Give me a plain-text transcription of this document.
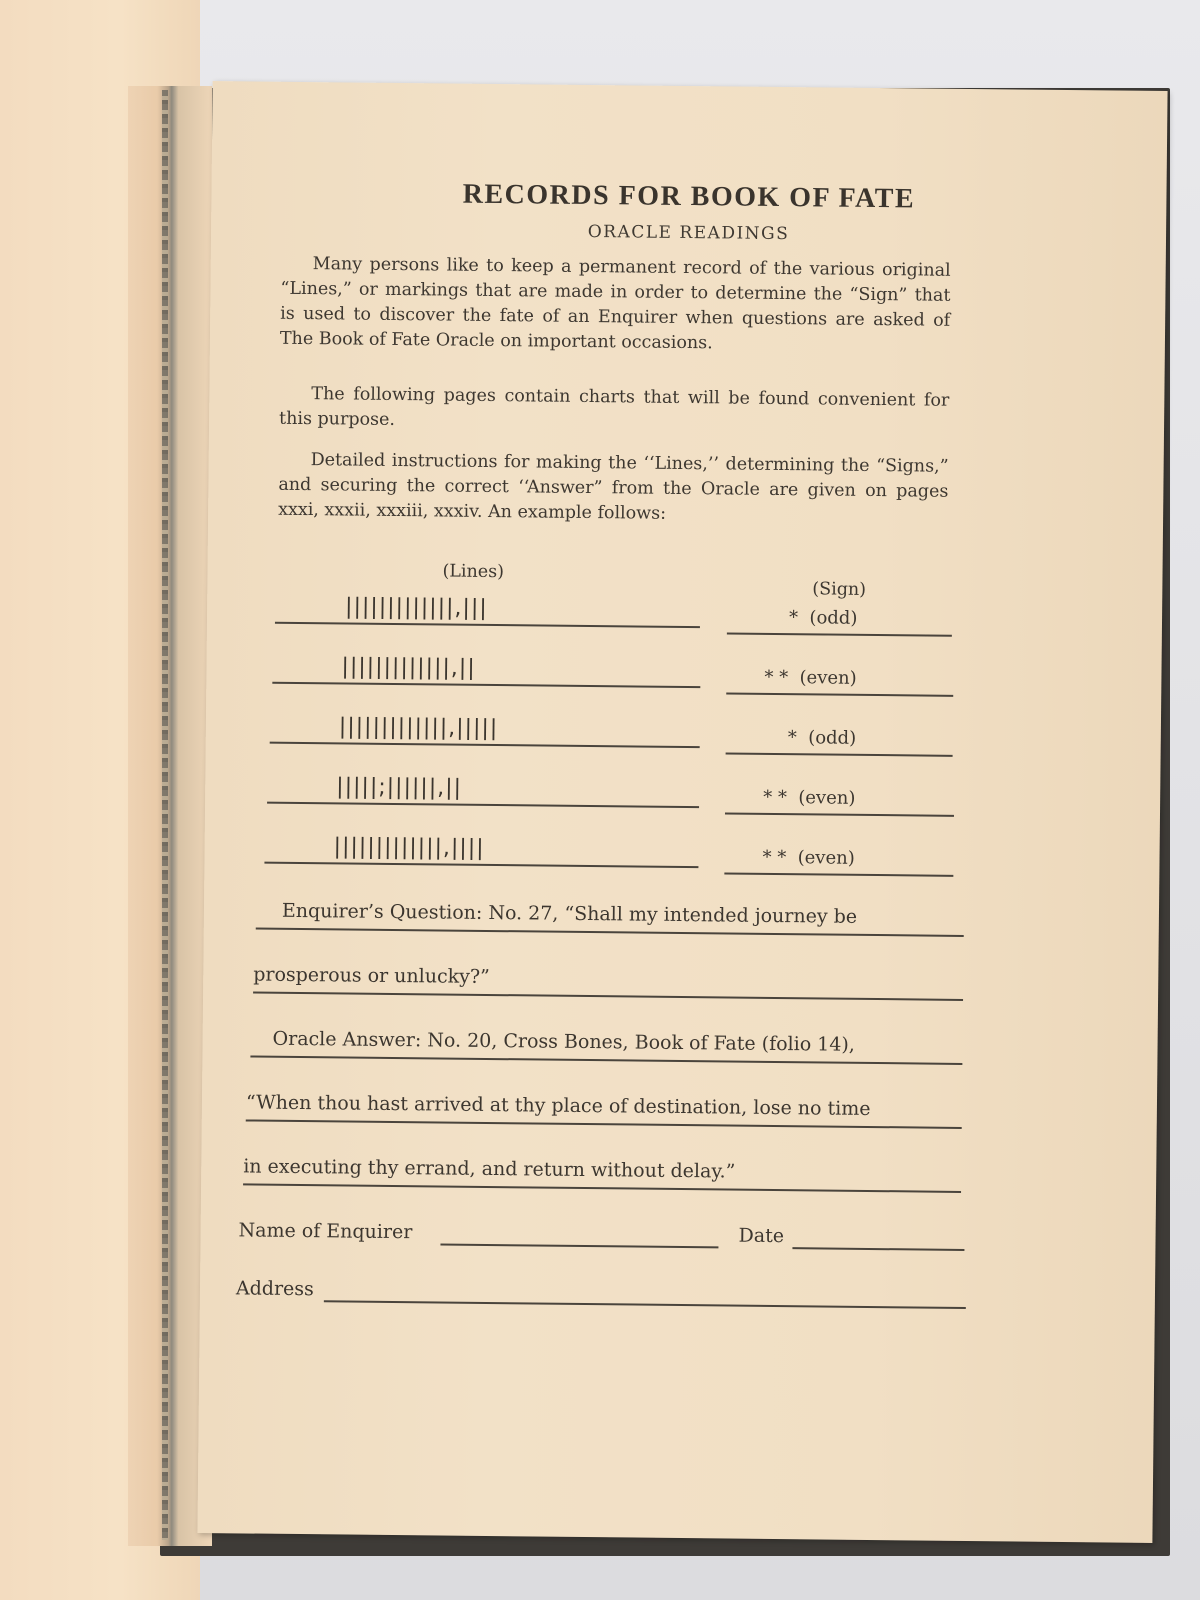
RECORDS FOR BOOK OF FATE
ORACLE READINGS
Many persons like to keep a permanent record of the various original “Lines,” or markings that are made in order to determine the “Sign” that is used to discover the fate of an Enquirer when questions are asked of The Book of Fate Oracle on important occasions.
The following pages contain charts that will be found convenient for this purpose.
Detailed instructions for making the ‘‘Lines,’’ determining the “Signs,” and securing the correct ‘‘Answer” from the Oracle are given on pages xxxi, xxxii, xxxiii, xxxiv. An example follows:
(Lines)
(Sign)
|||||||||||||,|||	*  (odd)
|||||||||||||,||	* *  (even)
|||||||||||||,|||||	*  (odd)
|||||;||||||,||	* *  (even)
|||||||||||||,||||	* *  (even)
Enquirer’s Question: No. 27, “Shall my intended journey be
prosperous or unlucky?”
Oracle Answer: No. 20, Cross Bones, Book of Fate (folio 14),
“When thou hast arrived at thy place of destination, lose no time
in executing thy errand, and return without delay.”
Name of Enquirer	Date
Address
